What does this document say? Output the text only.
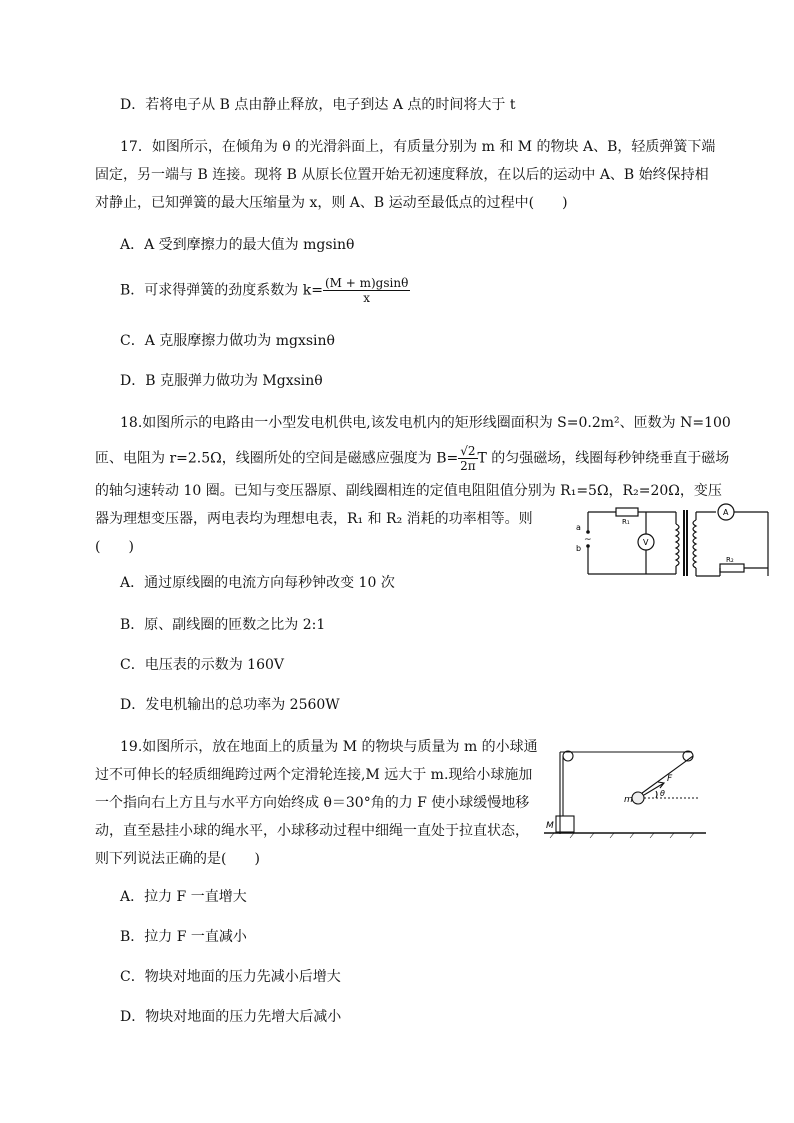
D．若将电子从 B 点由静止释放，电子到达 A 点的时间将大于 t
17．如图所示，在倾角为 θ 的光滑斜面上，有质量分别为 m 和 M 的物块 A、B，轻质弹簧下端
固定，另一端与 B 连接。现将 B 从原长位置开始无初速度释放，在以后的运动中 A、B 始终保持相
对静止，已知弹簧的最大压缩量为 x，则 A、B 运动至最低点的过程中(　　)
A．A 受到摩擦力的最大值为 mgsinθ
B．可求得弹簧的劲度系数为 $k= \frac{(M + m)gsin\theta}{x}$
C．A 克服摩擦力做功为 mgxsinθ
D．B 克服弹力做功为 Mgxsinθ
18.如图所示的电路由一小型发电机供电,该发电机内的矩形线圈面积为 S=0.2m²、匝数为 N=100
匝、电阻为 r=2.5Ω，线圈所处的空间是磁感应强度为 $B= \frac{√2}{2\pi}$ T 的匀强磁场，线圈每秒钟绕垂直于磁场
的轴匀速转动 10 圈。已知与变压器原、副线圈相连的定值电阻阻值分别为 R₁=5Ω，R₂=20Ω，变压
器为理想变压器，两电表均为理想电表，R₁ 和 R₂ 消耗的功率相等。则
(　　)
a
b
~
R₁
V
A
R₂
A．通过原线圈的电流方向每秒钟改变 10 次
B．原、副线圈的匝数之比为 2:1
C．电压表的示数为 160V
D．发电机输出的总功率为 2560W
19.如图所示，放在地面上的质量为 M 的物块与质量为 m 的小球通
过不可伸长的轻质细绳跨过两个定滑轮连接,M 远大于 m.现给小球施加
一个指向右上方且与水平方向始终成 θ＝30°角的力 F 使小球缓慢地移
动，直至悬挂小球的绳水平，小球移动过程中细绳一直处于拉直状态，
则下列说法正确的是(　　)
M
m
F
θ
A．拉力 F 一直增大
B．拉力 F 一直减小
C．物块对地面的压力先减小后增大
D．物块对地面的压力先增大后减小
